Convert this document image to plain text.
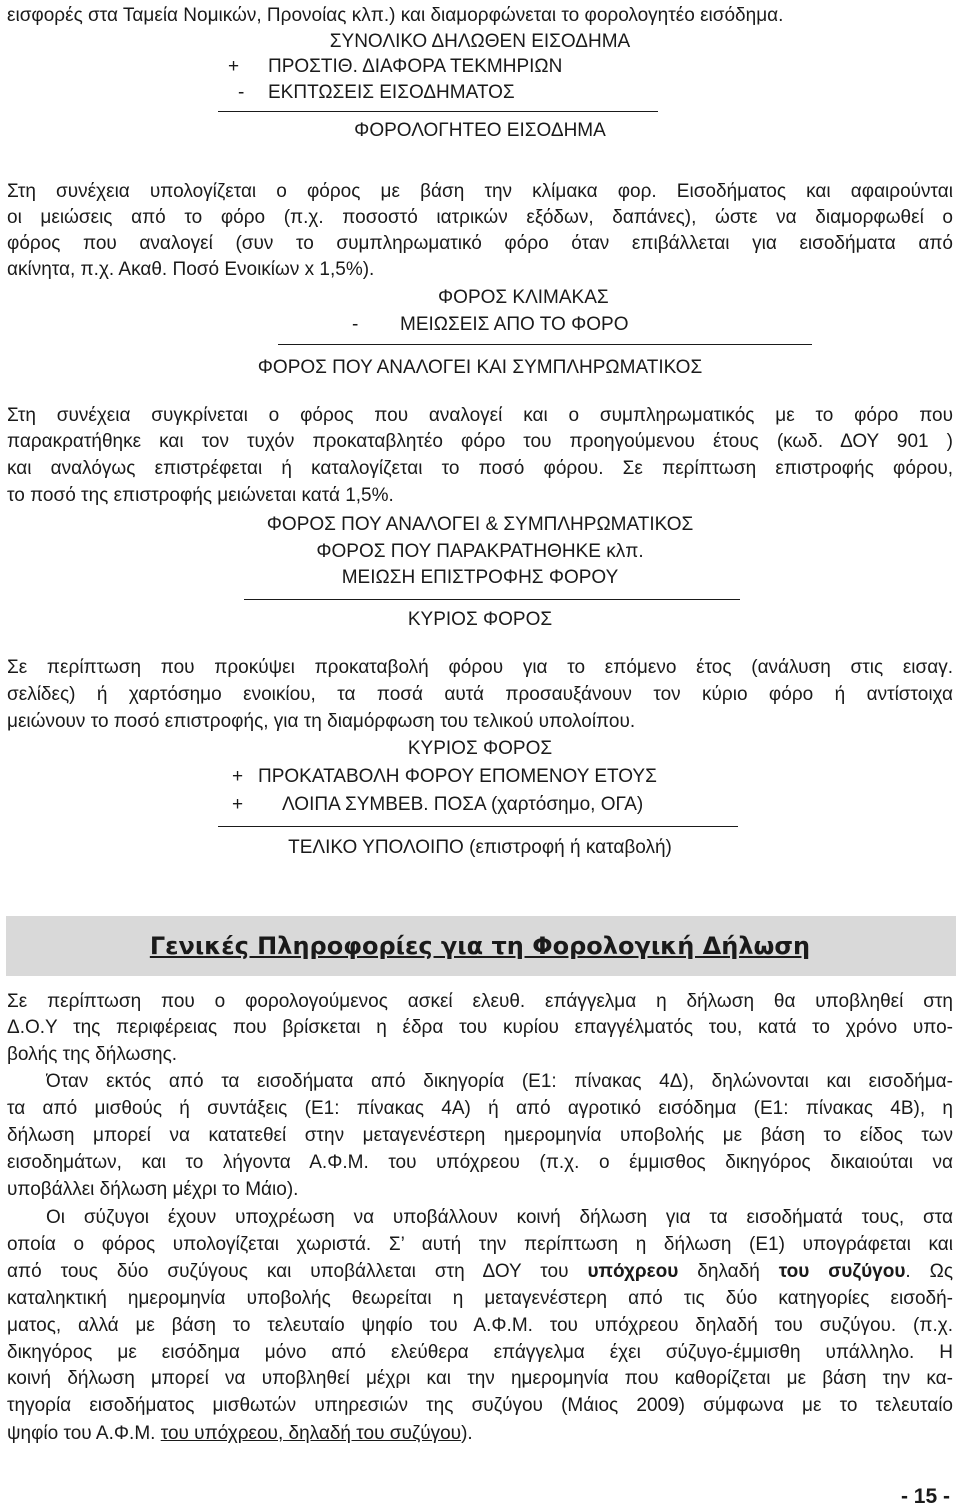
εισφορές στα Ταμεία Νομικών, Προνοίας κλπ.) και διαμορφώνεται το φορολογητέο εισόδημα.
ΣΥΝΟΛΙΚΟ ΔΗΛΩΘΕΝ ΕΙΣΟΔΗΜΑ
+ ΠΡΟΣΤΙΘ. ΔΙΑΦΟΡΑ ΤΕΚΜΗΡΙΩΝ
- ΕΚΠΤΩΣΕΙΣ ΕΙΣΟΔΗΜΑΤΟΣ
ΦΟΡΟΛΟΓΗΤΕΟ ΕΙΣΟΔΗΜΑ
Στη συνέχεια υπολογίζεται ο φόρος με βάση την κλίμακα φορ. Εισοδήματος και αφαιρούνται
οι μειώσεις από το φόρο (π.χ. ποσοστό ιατρικών εξόδων, δαπάνες), ώστε να διαμορφωθεί ο
φόρος που αναλογεί (συν το συμπληρωματικό φόρο όταν επιβάλλεται για εισοδήματα από
ακίνητα, π.χ. Ακαθ. Ποσό Ενοικίων x 1,5%).
ΦΟΡΟΣ ΚΛΙΜΑΚΑΣ
- ΜΕΙΩΣΕΙΣ ΑΠΟ ΤΟ ΦΟΡΟ
ΦΟΡΟΣ ΠΟΥ ΑΝΑΛΟΓΕΙ ΚΑΙ ΣΥΜΠΛΗΡΩΜΑΤΙΚΟΣ
Στη συνέχεια συγκρίνεται ο φόρος που αναλογεί και ο συμπληρωματικός με το φόρο που
παρακρατήθηκε και τον τυχόν προκαταβλητέο φόρο του προηγούμενου έτους (κωδ. ΔΟΥ 901 )
και αναλόγως επιστρέφεται ή καταλογίζεται το ποσό φόρου. Σε περίπτωση επιστροφής φόρου,
το ποσό της επιστροφής μειώνεται κατά 1,5%.
ΦΟΡΟΣ ΠΟΥ ΑΝΑΛΟΓΕΙ & ΣΥΜΠΛΗΡΩΜΑΤΙΚΟΣ
ΦΟΡΟΣ ΠΟΥ ΠΑΡΑΚΡΑΤΗΘΗΚΕ κλπ.
ΜΕΙΩΣΗ ΕΠΙΣΤΡΟΦΗΣ ΦΟΡΟΥ
ΚΥΡΙΟΣ ΦΟΡΟΣ
Σε περίπτωση που προκύψει προκαταβολή φόρου για το επόμενο έτος (ανάλυση στις εισαγ.
σελίδες) ή χαρτόσημο ενοικίου, τα ποσά αυτά προσαυξάνουν τον κύριο φόρο ή αντίστοιχα
μειώνουν το ποσό επιστροφής, για τη διαμόρφωση του τελικού υπολοίπου.
ΚΥΡΙΟΣ ΦΟΡΟΣ
+ ΠΡΟΚΑΤΑΒΟΛΗ ΦΟΡΟΥ ΕΠΟΜΕΝΟΥ ΕΤΟΥΣ
+ ΛΟΙΠΑ ΣΥΜΒΕΒ. ΠΟΣΑ (χαρτόσημο, ΟΓΑ)
ΤΕΛΙΚΟ ΥΠΟΛΟΙΠΟ (επιστροφή ή καταβολή)
Γενικές Πληροφορίες για τη Φορολογική Δήλωση
Σε περίπτωση που ο φορολογούμενος ασκεί ελευθ. επάγγελμα η δήλωση θα υποβληθεί στη
Δ.Ο.Υ της περιφέρειας που βρίσκεται η έδρα του κυρίου επαγγέλματός του, κατά το χρόνο υπο-
βολής της δήλωσης.
Όταν εκτός από τα εισοδήματα από δικηγορία (Ε1: πίνακας 4Δ), δηλώνονται και εισοδήμα-
τα από μισθούς ή συντάξεις (Ε1: πίνακας 4Α) ή από αγροτικό εισόδημα (Ε1: πίνακας 4Β), η
δήλωση μπορεί να κατατεθεί στην μεταγενέστερη ημερομηνία υποβολής με βάση το είδος των
εισοδημάτων, και το λήγοντα Α.Φ.Μ. του υπόχρεου (π.χ. ο έμμισθος δικηγόρος δικαιούται να
υποβάλλει δήλωση μέχρι το Μάιο).
Οι σύζυγοι έχουν υποχρέωση να υποβάλλουν κοινή δήλωση για τα εισοδήματά τους, στα
οποία ο φόρος υπολογίζεται χωριστά. Σ’ αυτή την περίπτωση η δήλωση (Ε1) υπογράφεται και
από τους δύο συζύγους και υποβάλλεται στη ΔΟΥ του υπόχρεου δηλαδή του συζύγου. Ως
καταληκτική ημερομηνία υποβολής θεωρείται η μεταγενέστερη από τις δύο κατηγορίες εισοδή-
ματος, αλλά με βάση το τελευταίο ψηφίο του Α.Φ.Μ. του υπόχρεου δηλαδή του συζύγου. (π.χ.
δικηγόρος με εισόδημα μόνο από ελεύθερα επάγγελμα έχει σύζυγο-έμμισθη υπάλληλο. Η
κοινή δήλωση μπορεί να υποβληθεί μέχρι και την ημερομηνία που καθορίζεται με βάση την κα-
τηγορία εισοδήματος μισθωτών υπηρεσιών της συζύγου (Μάιος 2009) σύμφωνα με το τελευταίο
ψηφίο του Α.Φ.Μ. του υπόχρεου, δηλαδή του συζύγου).
- 15 -
